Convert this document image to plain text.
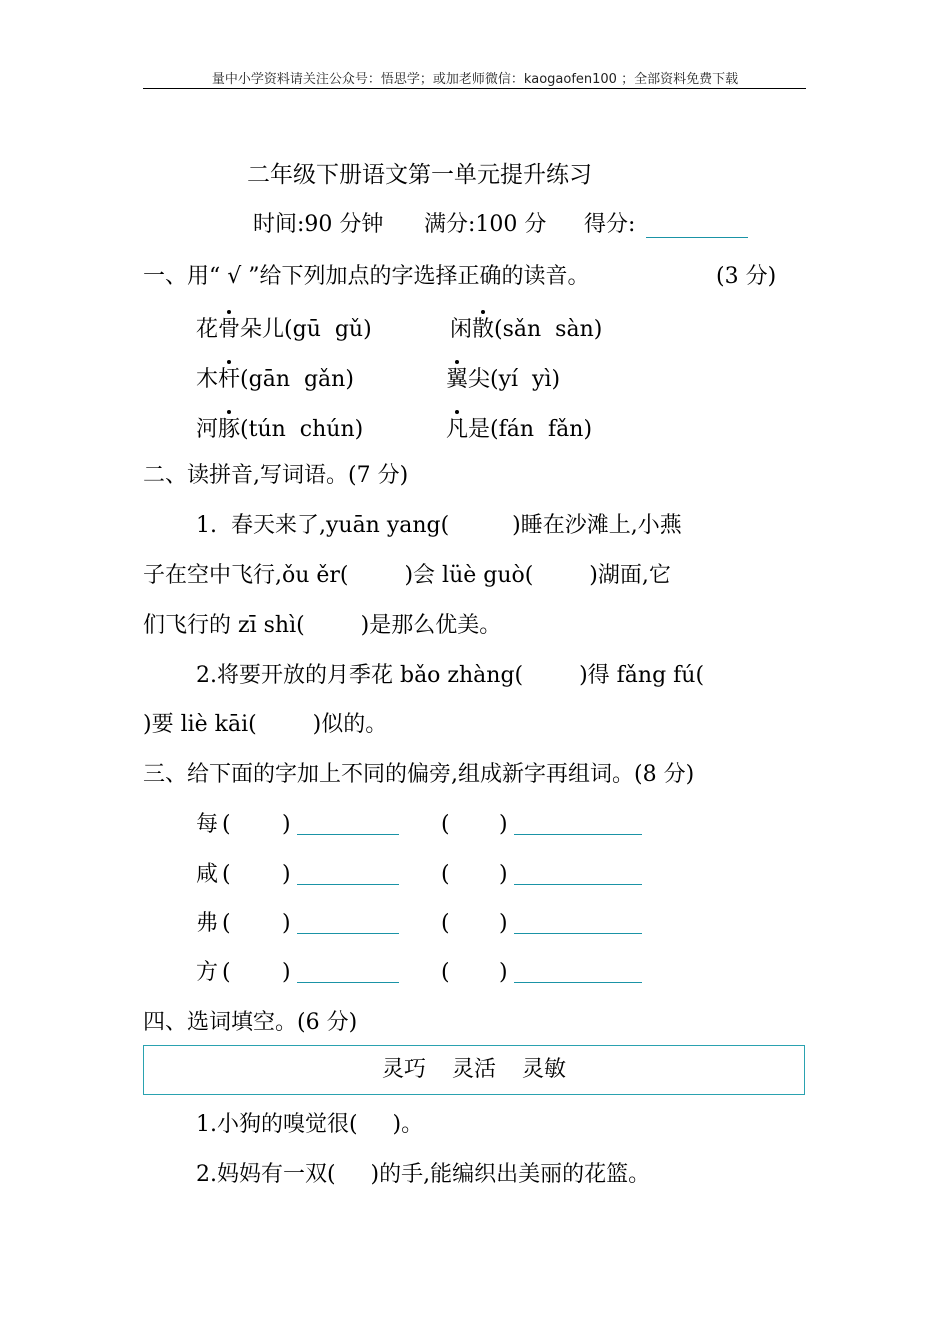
量中小学资料请关注公众号：悟思学；或加老师微信：kaogaofen100 ；全部资料免费下载
二年级下册语文第一单元提升练习
时间:90 分钟 满分:100 分 得分:
一、用“ √ ”给下列加点的字选择正确的读音。	(3 分)
花骨朵儿(gū  gǔ)	闲散(sǎn  sàn)
木杆(gān  gǎn)	翼尖(yí  yì)
河豚(tún  chún)	凡是(fán  fǎn)
二、读拼音,写词语。(7 分)
1.  春天来了,yuān yang(         )睡在沙滩上,小燕
子在空中飞行,ǒu ěr(        )会 lüè guò(        )湖面,它
们飞行的 zī shì(        )是那么优美。
2.将要开放的月季花 bǎo zhàng(        )得 fǎng fú(
)要 liè kāi(        )似的。
三、给下面的字加上不同的偏旁,组成新字再组词。(8 分)
每 ( )	( )
咸 ( )	( )
弗 ( )	( )
方 ( )	( )
四、选词填空。(6 分)
灵巧 灵活 灵敏
1.小狗的嗅觉很(     )。
2.妈妈有一双(     )的手,能编织出美丽的花篮。
